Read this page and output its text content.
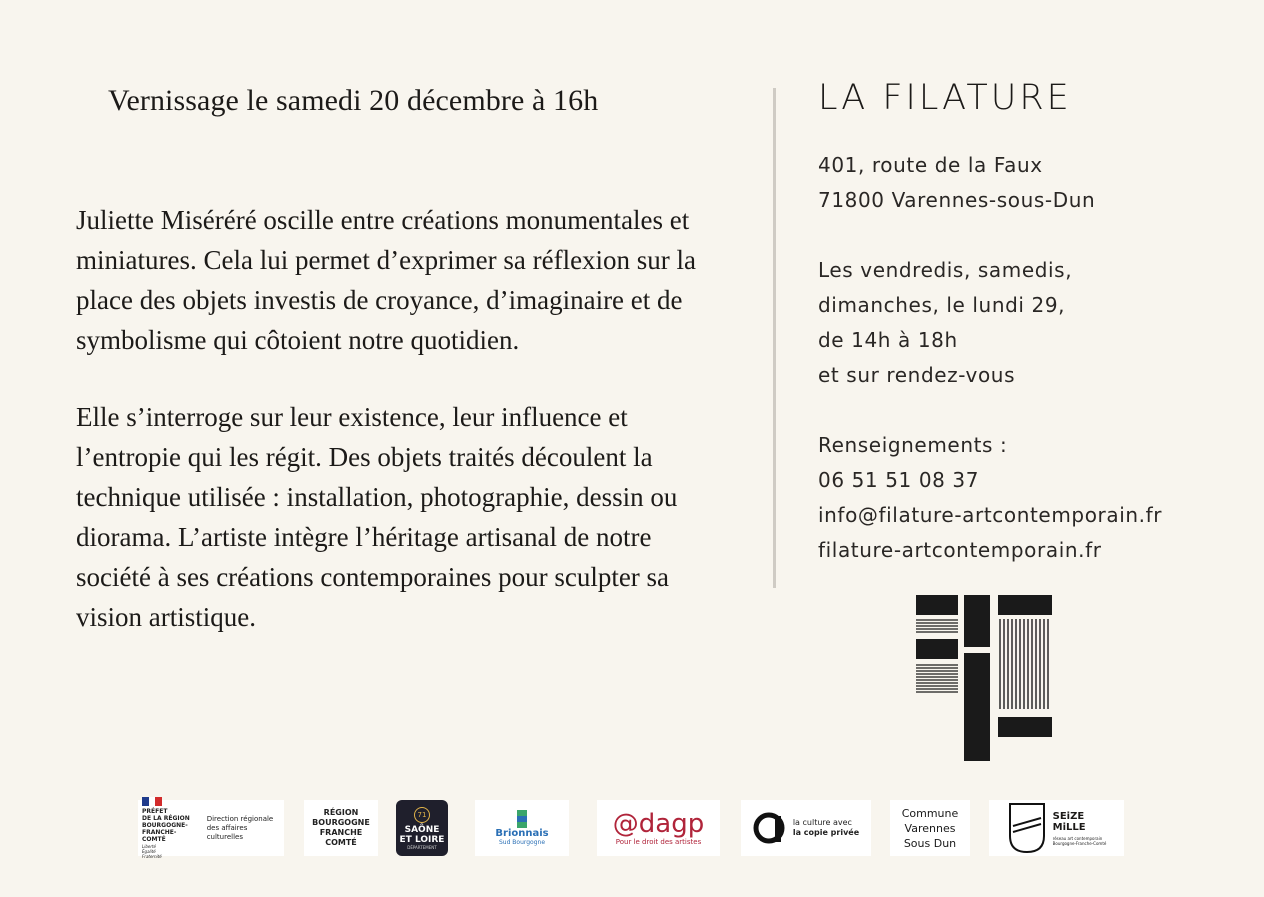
Vernissage le samedi 20 décembre à 16h
Juliette Miséréré oscille entre créations monumentales et
miniatures. Cela lui permet d’exprimer sa réflexion sur la
place des objets investis de croyance, d’imaginaire et de
symbolisme qui côtoient notre quotidien.
Elle s’interroge sur leur existence, leur influence et
l’entropie qui les régit. Des objets traités découlent la
technique utilisée : installation, photographie, dessin ou
diorama. L’artiste intègre l’héritage artisanal de notre
société à ses créations contemporaines pour sculpter sa
vision artistique.
LA FILATURE
401, route de la Faux
71800 Varennes-sous-Dun
Les vendredis, samedis,
dimanches, le lundi 29,
de 14h à 18h
et sur rendez-vous
Renseignements :
06 51 51 08 37
info@filature-artcontemporain.fr
filature-artcontemporain.fr
PRÉFET
DE LA RÉGION
BOURGOGNE-
FRANCHE-COMTÉ
Liberté
Égalité
Fraternité
Direction régionale
des affaires culturelles
RÉGION
BOURGOGNE
FRANCHE
COMTÉ
71
SAÔNE
ET LOIRE
DÉPARTEMENT
Brionnais
Sud Bourgogne
@dagp
Pour le droit des artistes
la culture avec
la copie privée
Commune
Varennes
Sous Dun
SEiZE
MiLLE
réseau art contemporain
Bourgogne-Franche-Comté
